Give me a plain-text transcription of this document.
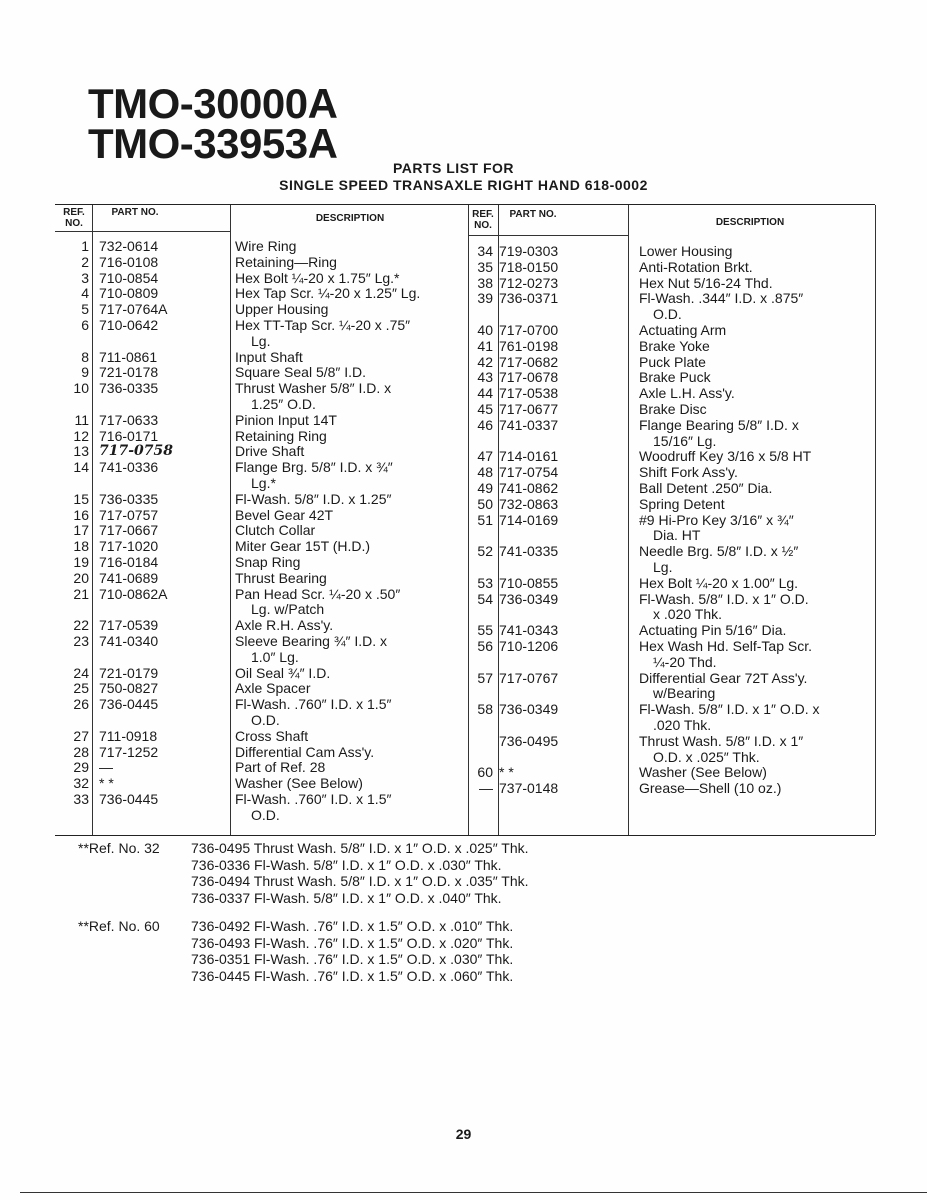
TMO-30000A
TMO-33953A
PARTS LIST FOR
SINGLE SPEED TRANSAXLE RIGHT HAND 618-0002
REF. NO.
PART NO.
DESCRIPTION	REF. NO.
PART NO.
DESCRIPTION
1 732-0614	Wire Ring
2 716-0108	Retaining—Ring
3 710-0854	Hex Bolt ¼-20 x 1.75″ Lg.*
4 710-0809	Hex Tap Scr. ¼-20 x 1.25″ Lg.
5 717-0764A	Upper Housing
6 710-0642	Hex TT-Tap Scr. ¼-20 x .75″
Lg.
8 711-0861	Input Shaft
9 721-0178	Square Seal 5/8″ I.D.
10 736-0335	Thrust Washer 5/8″ I.D. x
1.25″ O.D.
11 717-0633	Pinion Input 14T
12 716-0171	Retaining Ring
13 717-0758	Drive Shaft
14 741-0336	Flange Brg. 5/8″ I.D. x ¾″
Lg.*
15 736-0335	Fl-Wash. 5/8″ I.D. x 1.25″
16 717-0757	Bevel Gear 42T
17 717-0667	Clutch Collar
18 717-1020	Miter Gear 15T (H.D.)
19 716-0184	Snap Ring
20 741-0689	Thrust Bearing
21 710-0862A	Pan Head Scr. ¼-20 x .50″
Lg. w/Patch
22 717-0539	Axle R.H. Ass'y.
23 741-0340	Sleeve Bearing ¾″ I.D. x
1.0″ Lg.
24 721-0179	Oil Seal ¾″ I.D.
25 750-0827	Axle Spacer
26 736-0445	Fl-Wash. .760″ I.D. x 1.5″
O.D.
27 711-0918	Cross Shaft
28 717-1252	Differential Cam Ass'y.
29 —	Part of Ref. 28
32 * *	Washer (See Below)
33 736-0445	Fl-Wash. .760″ I.D. x 1.5″
O.D.
34 719-0303	Lower Housing
35 718-0150	Anti-Rotation Brkt.
38 712-0273	Hex Nut 5/16-24 Thd.
39 736-0371	Fl-Wash. .344″ I.D. x .875″
O.D.
40 717-0700	Actuating Arm
41 761-0198	Brake Yoke
42 717-0682	Puck Plate
43 717-0678	Brake Puck
44 717-0538	Axle L.H. Ass'y.
45 717-0677	Brake Disc
46 741-0337	Flange Bearing 5/8″ I.D. x
15/16″ Lg.
47 714-0161	Woodruff Key 3/16 x 5/8 HT
48 717-0754	Shift Fork Ass'y.
49 741-0862	Ball Detent .250″ Dia.
50 732-0863	Spring Detent
51 714-0169	#9 Hi-Pro Key 3/16″ x ¾″
Dia. HT
52 741-0335	Needle Brg. 5/8″ I.D. x ½″
Lg.
53 710-0855	Hex Bolt ¼-20 x 1.00″ Lg.
54 736-0349	Fl-Wash. 5/8″ I.D. x 1″ O.D.
x .020 Thk.
55 741-0343	Actuating Pin 5/16″ Dia.
56 710-1206	Hex Wash Hd. Self-Tap Scr.
¼-20 Thd.
57 717-0767	Differential Gear 72T Ass'y.
w/Bearing
58 736-0349	Fl-Wash. 5/8″ I.D. x 1″ O.D. x
.020 Thk.
736-0495	Thrust Wash. 5/8″ I.D. x 1″
O.D. x .025″ Thk.
60 * *	Washer (See Below)
— 737-0148	Grease—Shell (10 oz.)
**Ref. No. 32 736-0495 Thrust Wash. 5/8″ I.D. x 1″ O.D. x .025″ Thk.
736-0336 Fl-Wash. 5/8″ I.D. x 1″ O.D. x .030″ Thk.
736-0494 Thrust Wash. 5/8″ I.D. x 1″ O.D. x .035″ Thk.
736-0337 Fl-Wash. 5/8″ I.D. x 1″ O.D. x .040″ Thk.
**Ref. No. 60 736-0492 Fl-Wash. .76″ I.D. x 1.5″ O.D. x .010″ Thk.
736-0493 Fl-Wash. .76″ I.D. x 1.5″ O.D. x .020″ Thk.
736-0351 Fl-Wash. .76″ I.D. x 1.5″ O.D. x .030″ Thk.
736-0445 Fl-Wash. .76″ I.D. x 1.5″ O.D. x .060″ Thk.
29
